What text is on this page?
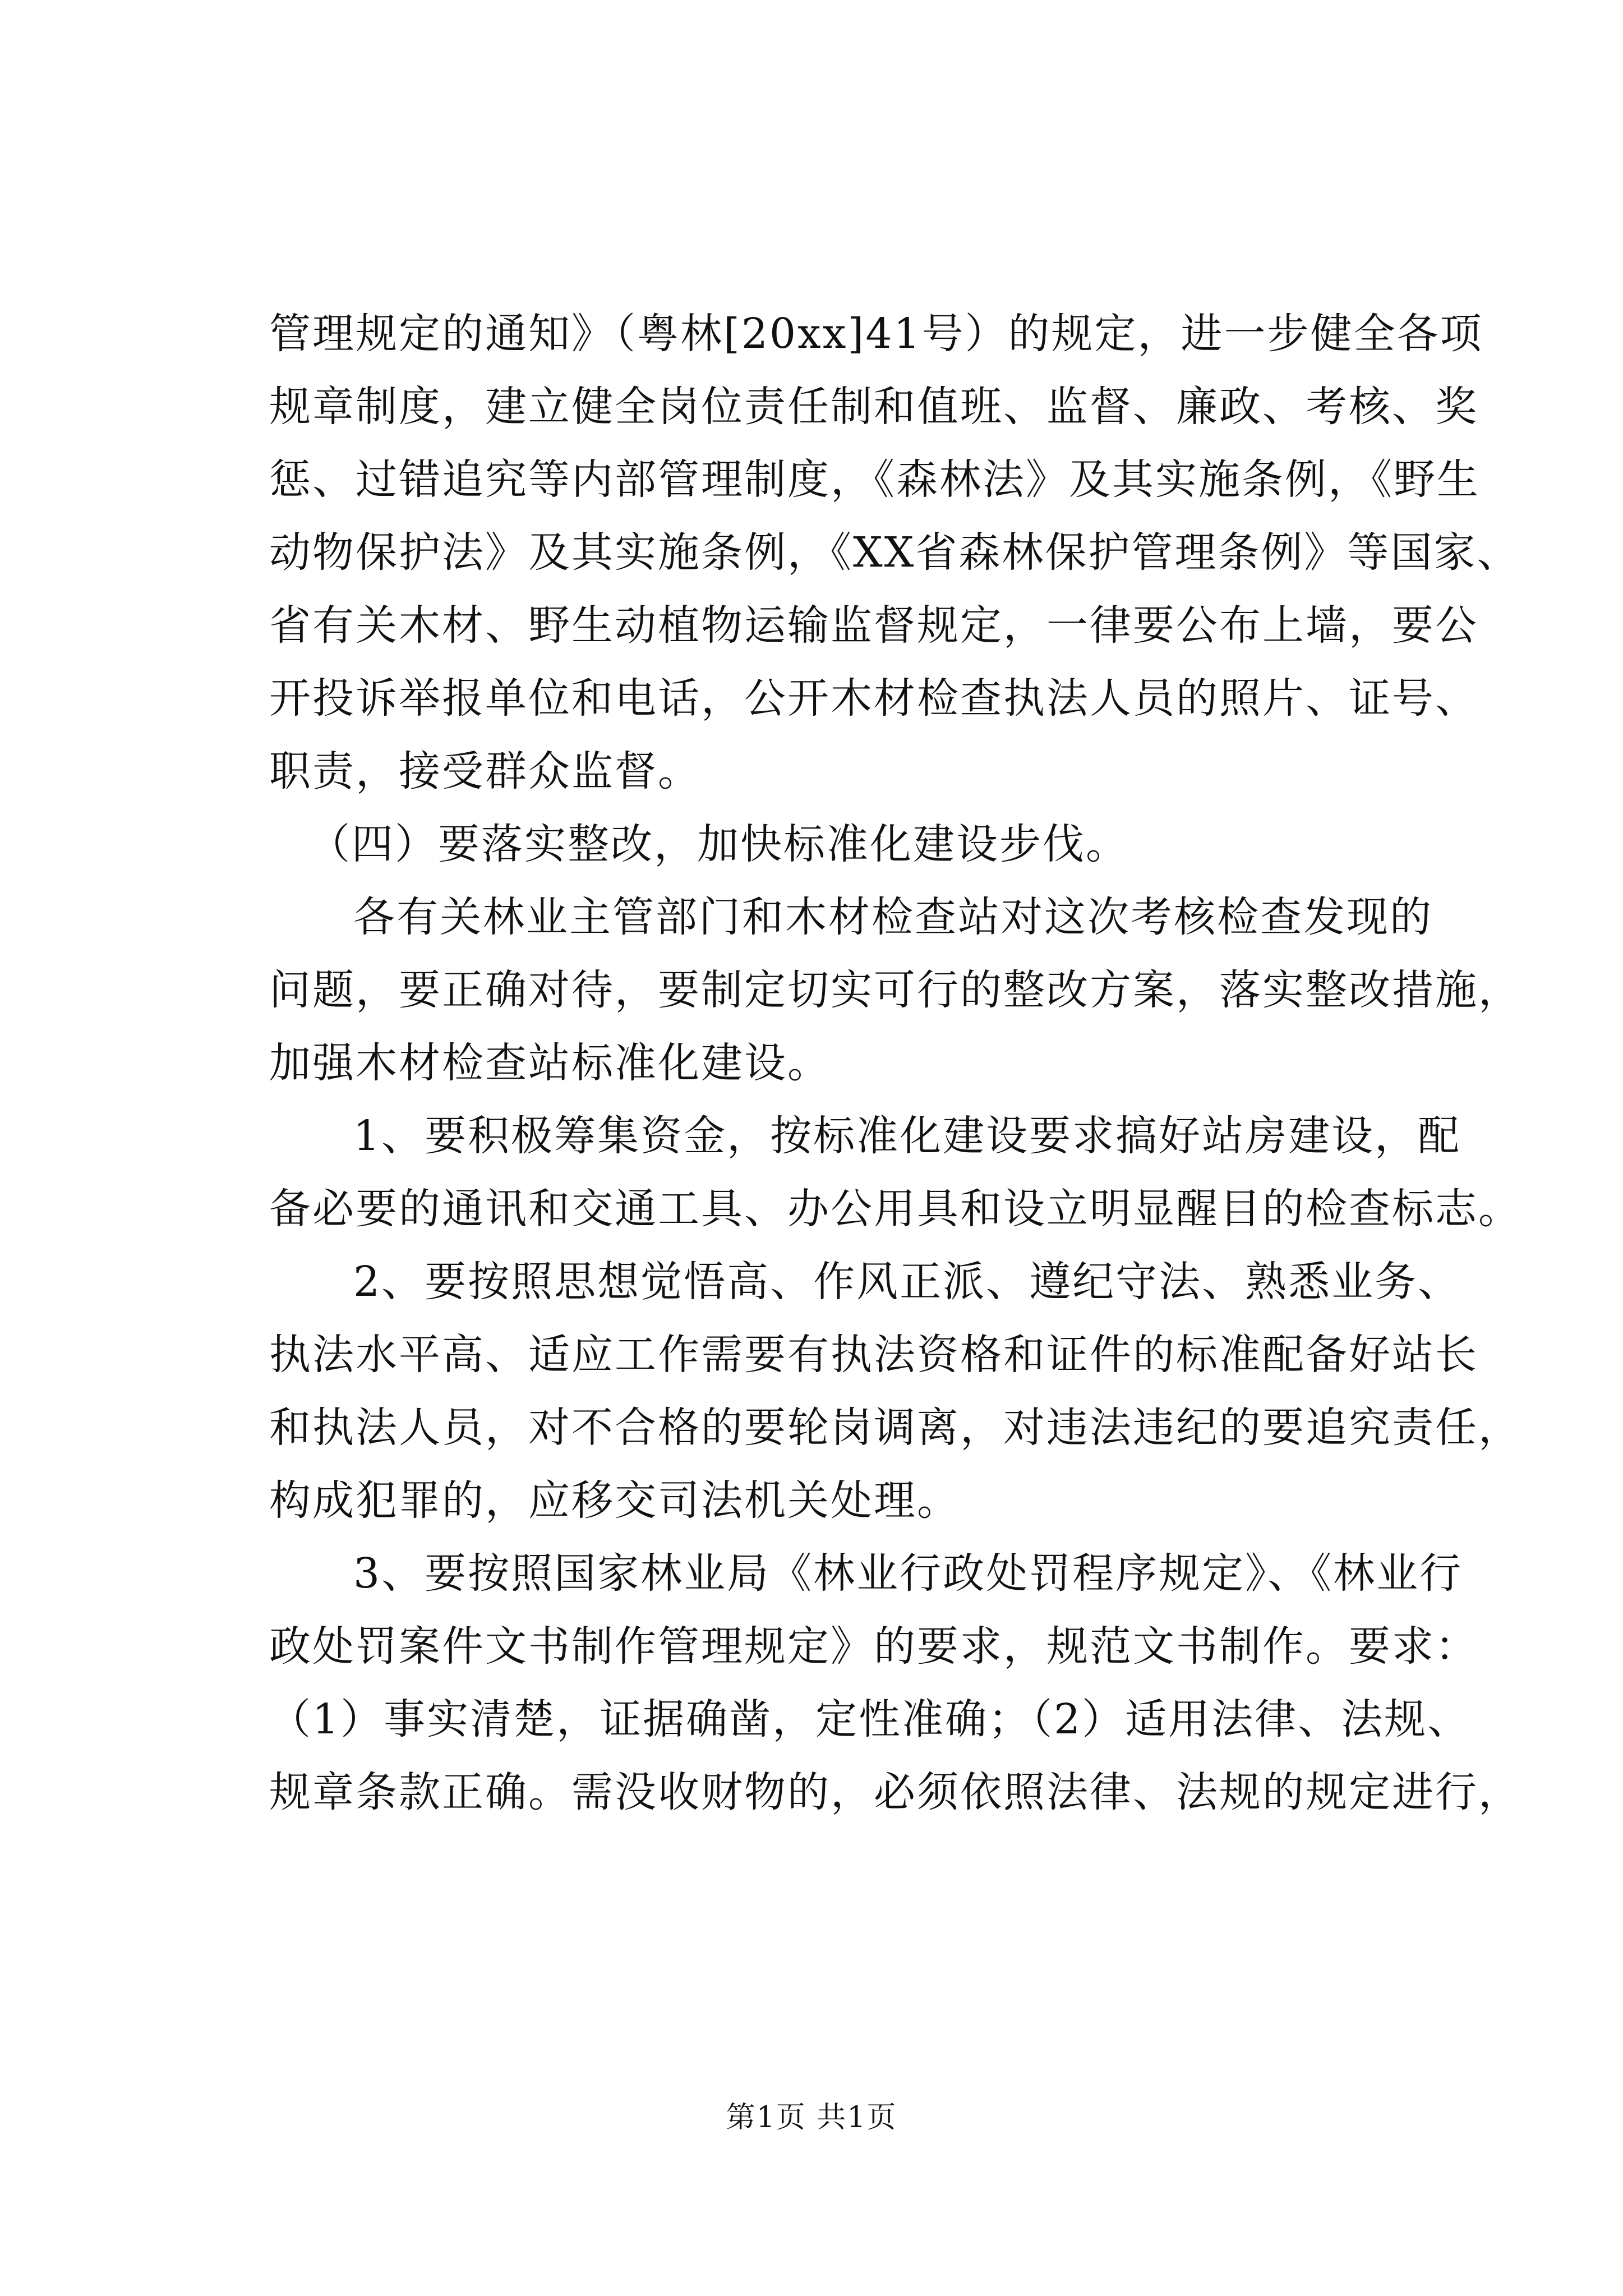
管理规定的通知》（粤林[20xx]41号）的规定，进一步健全各项
规章制度，建立健全岗位责任制和值班、监督、廉政、考核、奖
惩、过错追究等内部管理制度，《森林法》及其实施条例，《野生
动物保护法》及其实施条例，《XX省森林保护管理条例》等国家、
省有关木材、野生动植物运输监督规定，一律要公布上墙，要公
开投诉举报单位和电话，公开木材检查执法人员的照片、证号、
职责，接受群众监督。
（四）要落实整改，加快标准化建设步伐。
各有关林业主管部门和木材检查站对这次考核检查发现的
问题，要正确对待，要制定切实可行的整改方案，落实整改措施，
加强木材检查站标准化建设。
1、要积极筹集资金，按标准化建设要求搞好站房建设，配
备必要的通讯和交通工具、办公用具和设立明显醒目的检查标志。
2、要按照思想觉悟高、作风正派、遵纪守法、熟悉业务、
执法水平高、适应工作需要有执法资格和证件的标准配备好站长
和执法人员，对不合格的要轮岗调离，对违法违纪的要追究责任，
构成犯罪的，应移交司法机关处理。
3、要按照国家林业局《林业行政处罚程序规定》、《林业行
政处罚案件文书制作管理规定》的要求，规范文书制作。要求：
（1）事实清楚，证据确凿，定性准确；（2）适用法律、法规、
规章条款正确。需没收财物的，必须依照法律、法规的规定进行，
第1页 共1页
